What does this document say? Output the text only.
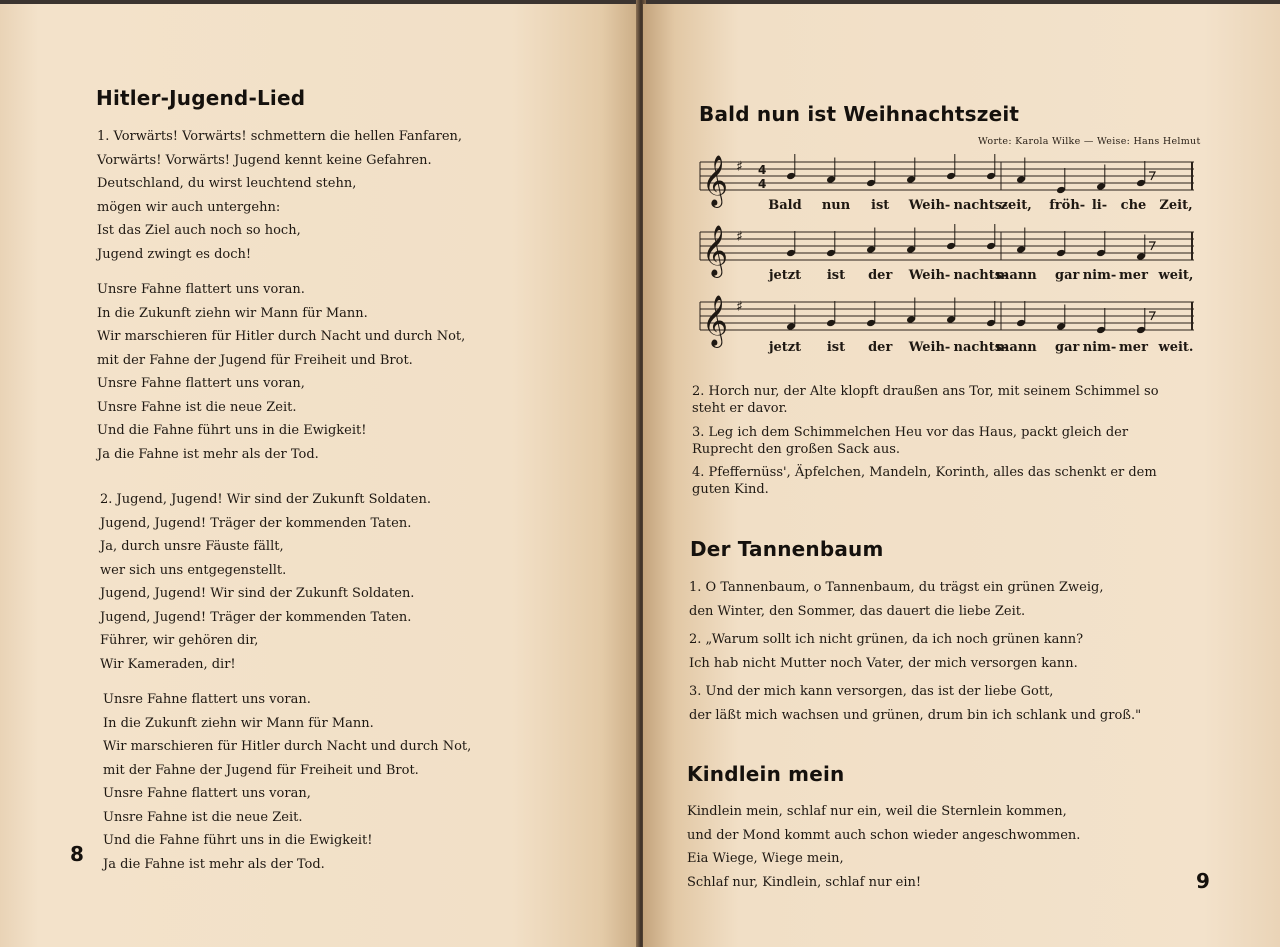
Hitler-Jugend-Lied
1. Vorwärts! Vorwärts! schmettern die hellen Fanfaren,
Vorwärts! Vorwärts! Jugend kennt keine Gefahren.
Deutschland, du wirst leuchtend stehn,
mögen wir auch untergehn:
Ist das Ziel auch noch so hoch,
Jugend zwingt es doch!
Unsre Fahne flattert uns voran.
In die Zukunft ziehn wir Mann für Mann.
Wir marschieren für Hitler durch Nacht und durch Not,
mit der Fahne der Jugend für Freiheit und Brot.
Unsre Fahne flattert uns voran,
Unsre Fahne ist die neue Zeit.
Und die Fahne führt uns in die Ewigkeit!
Ja die Fahne ist mehr als der Tod.
2. Jugend, Jugend! Wir sind der Zukunft Soldaten.
Jugend, Jugend! Träger der kommenden Taten.
Ja, durch unsre Fäuste fällt,
wer sich uns entgegenstellt.
Jugend, Jugend! Wir sind der Zukunft Soldaten.
Jugend, Jugend! Träger der kommenden Taten.
Führer, wir gehören dir,
Wir Kameraden, dir!
Unsre Fahne flattert uns voran.
In die Zukunft ziehn wir Mann für Mann.
Wir marschieren für Hitler durch Nacht und durch Not,
mit der Fahne der Jugend für Freiheit und Brot.
Unsre Fahne flattert uns voran,
Unsre Fahne ist die neue Zeit.
Und die Fahne führt uns in die Ewigkeit!
Ja die Fahne ist mehr als der Tod.
8
Bald nun ist Weihnachtszeit
Worte: Karola Wilke — Weise: Hans Helmut
𝄞 ♯ 4
4
𝄞 ♯
𝄞 ♯
Bald nun ist Weih- nachts-
zeit, fröh- li- che Zeit,
jetzt ist der Weih- nachts-
mann gar nim- mer weit,
jetzt ist der Weih- nachts-
mann gar nim- mer weit.

2. Horch nur, der Alte klopft draußen ans Tor, mit seinem Schimmel so steht er davor.

3. Leg ich dem Schimmelchen Heu vor das Haus, packt gleich der Ruprecht den großen Sack aus.

4. Pfeffernüss', Äpfelchen, Mandeln, Korinth, alles das schenkt er dem guten Kind.

Der Tannenbaum
1. O Tannenbaum, o Tannenbaum, du trägst ein grünen Zweig,
den Winter, den Sommer, das dauert die liebe Zeit.
2. „Warum sollt ich nicht grünen, da ich noch grünen kann?
Ich hab nicht Mutter noch Vater, der mich versorgen kann.
3. Und der mich kann versorgen, das ist der liebe Gott,
der läßt mich wachsen und grünen, drum bin ich schlank und groß."
Kindlein mein
Kindlein mein, schlaf nur ein, weil die Sternlein kommen,
und der Mond kommt auch schon wieder angeschwommen.
Eia Wiege, Wiege mein,
Schlaf nur, Kindlein, schlaf nur ein!	9
